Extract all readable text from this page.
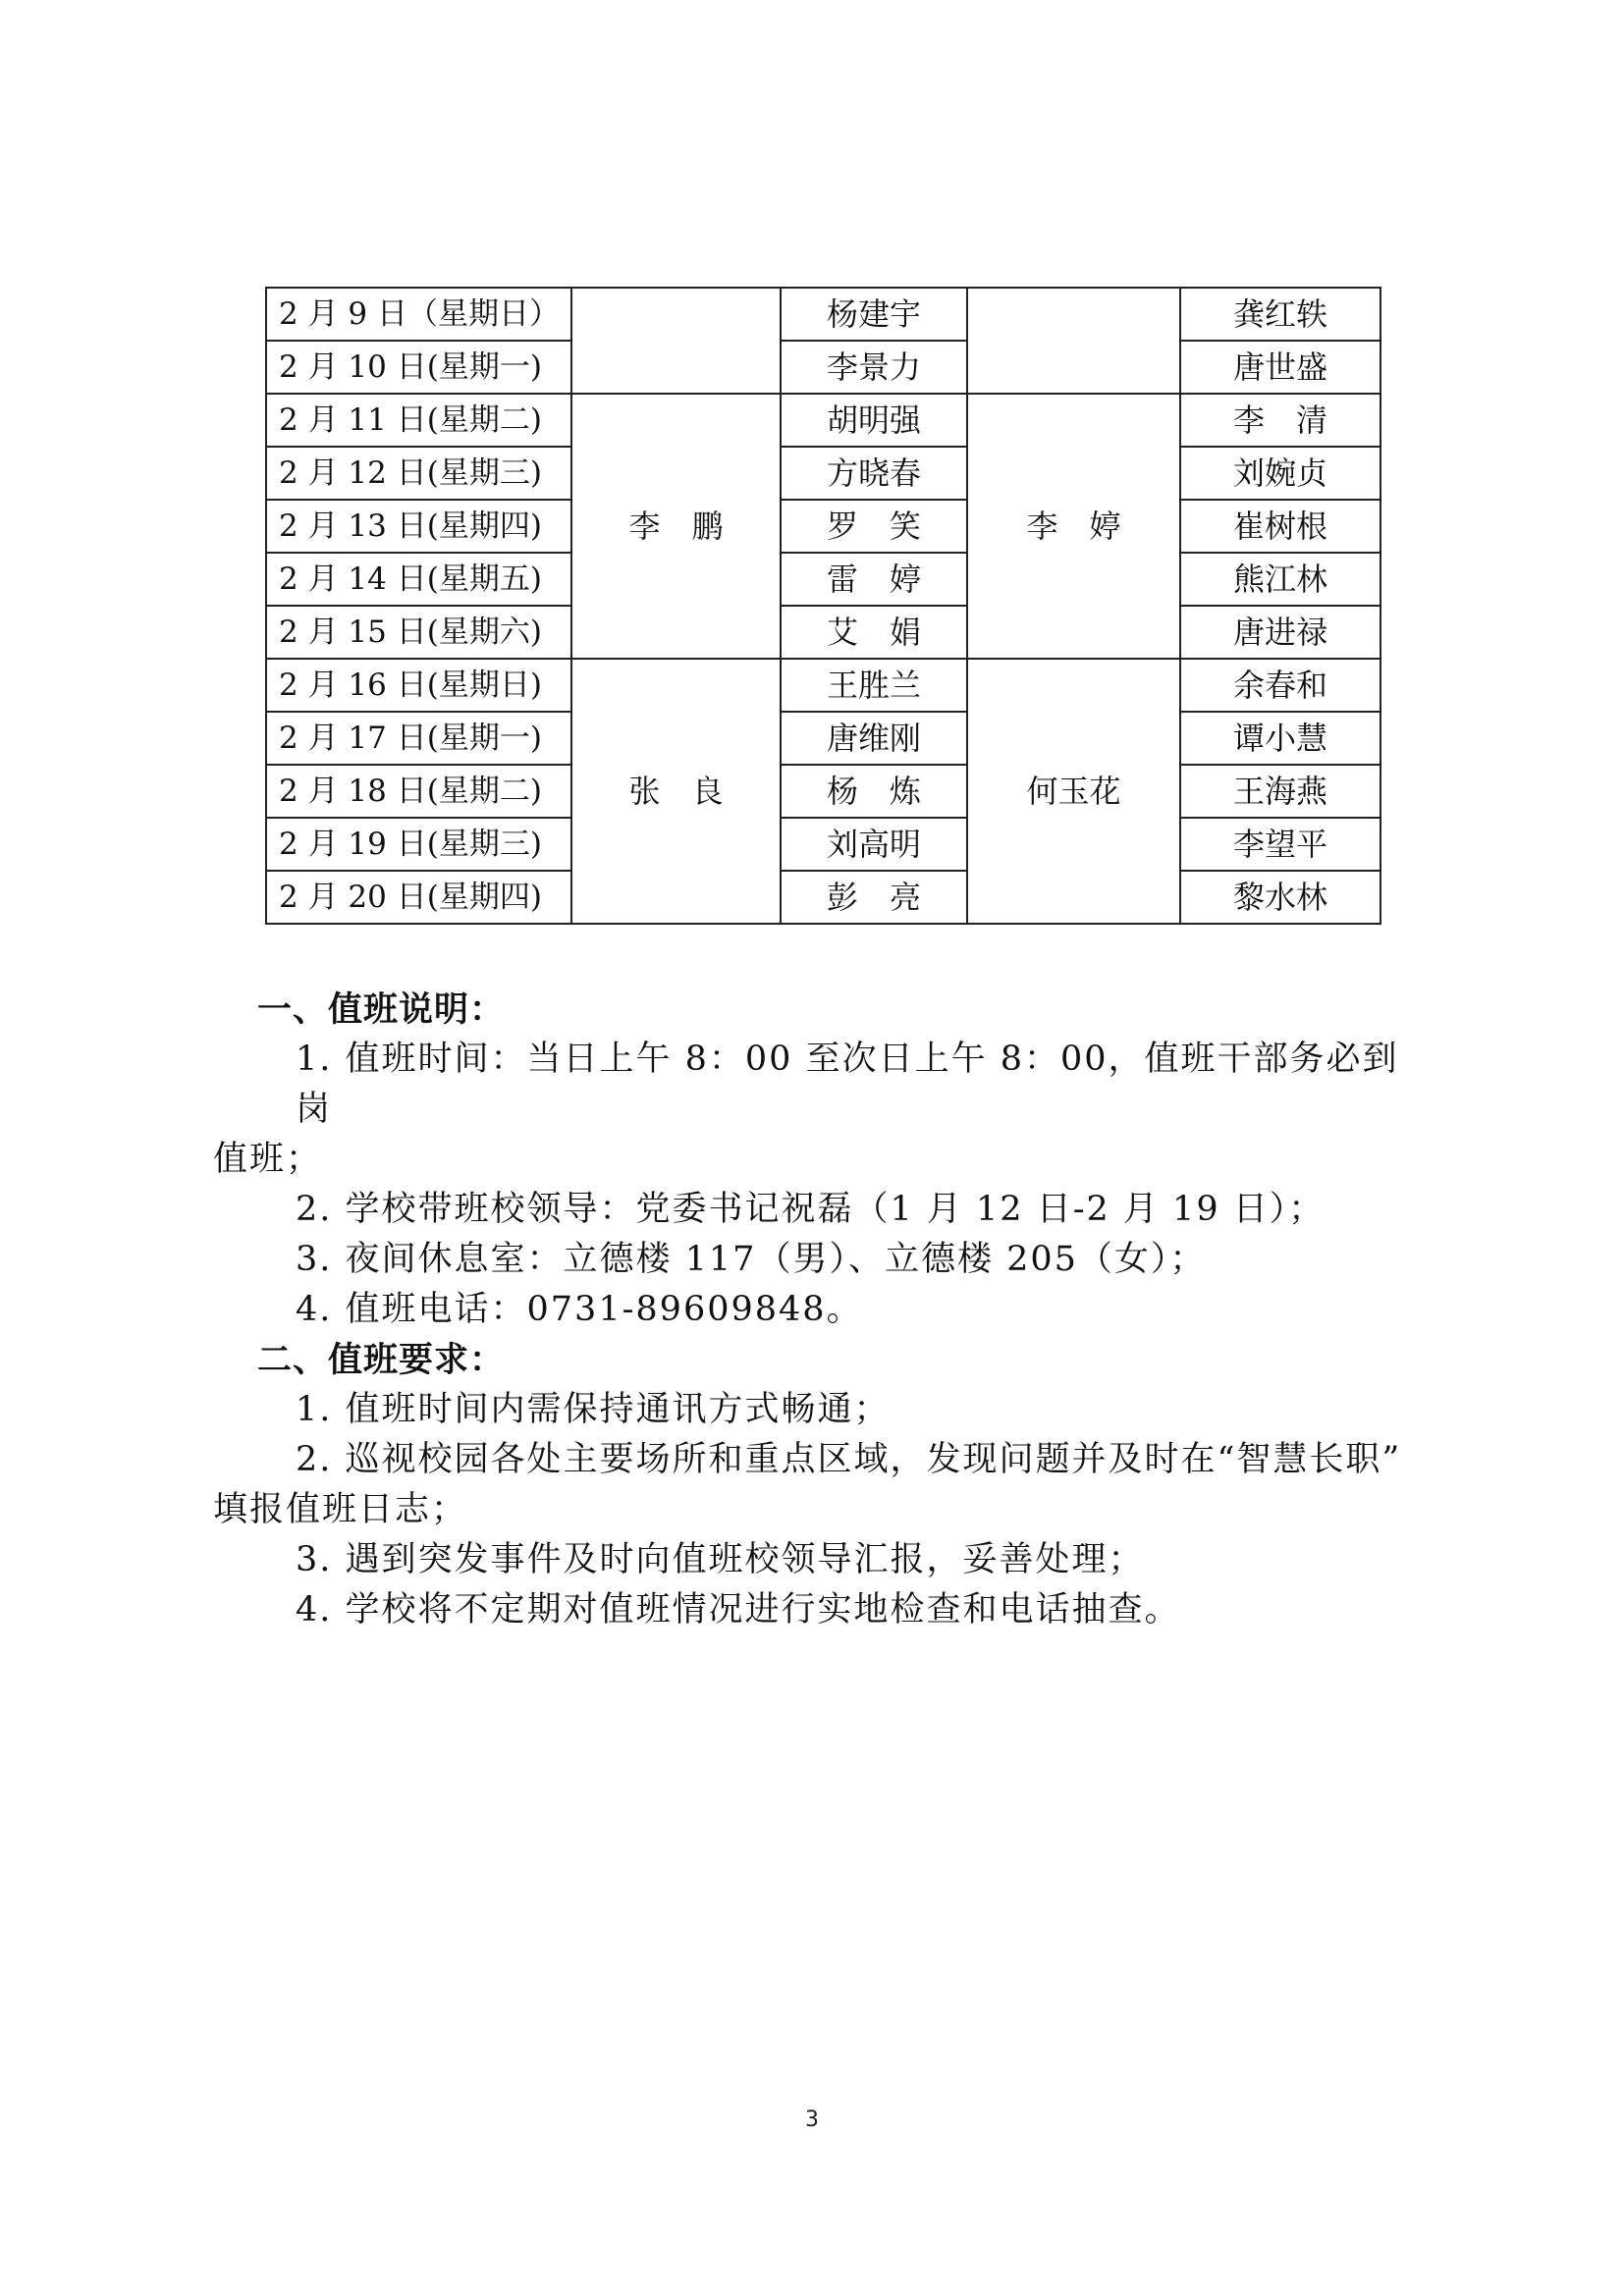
2 月 9 日（星期日）		杨建宇		龚红轶
2 月 10 日(星期一)		李景力		唐世盛
2 月 11 日(星期二)	李　鹏	胡明强	李　婷	李　清
2 月 12 日(星期三)		方晓春		刘婉贞
2 月 13 日(星期四)		罗　笑		崔树根
2 月 14 日(星期五)		雷　婷		熊江林
2 月 15 日(星期六)		艾　娟		唐进禄
2 月 16 日(星期日)	张　良	王胜兰	何玉花	余春和
2 月 17 日(星期一)		唐维刚		谭小慧
2 月 18 日(星期二)		杨　炼		王海燕
2 月 19 日(星期三)		刘高明		李望平
2 月 20 日(星期四)		彭　亮		黎水林
一、值班说明：
1. 值班时间：当日上午 8：00 至次日上午 8：00，值班干部务必到岗
值班；
2. 学校带班校领导：党委书记祝磊（1 月 12 日-2 月 19 日）；
3. 夜间休息室：立德楼 117（男）、立德楼 205（女）；
4. 值班电话：0731-89609848。
二、值班要求：
1. 值班时间内需保持通讯方式畅通；
2. 巡视校园各处主要场所和重点区域，发现问题并及时在“智慧长职”
填报值班日志；
3. 遇到突发事件及时向值班校领导汇报，妥善处理；
4. 学校将不定期对值班情况进行实地检查和电话抽查。
3
